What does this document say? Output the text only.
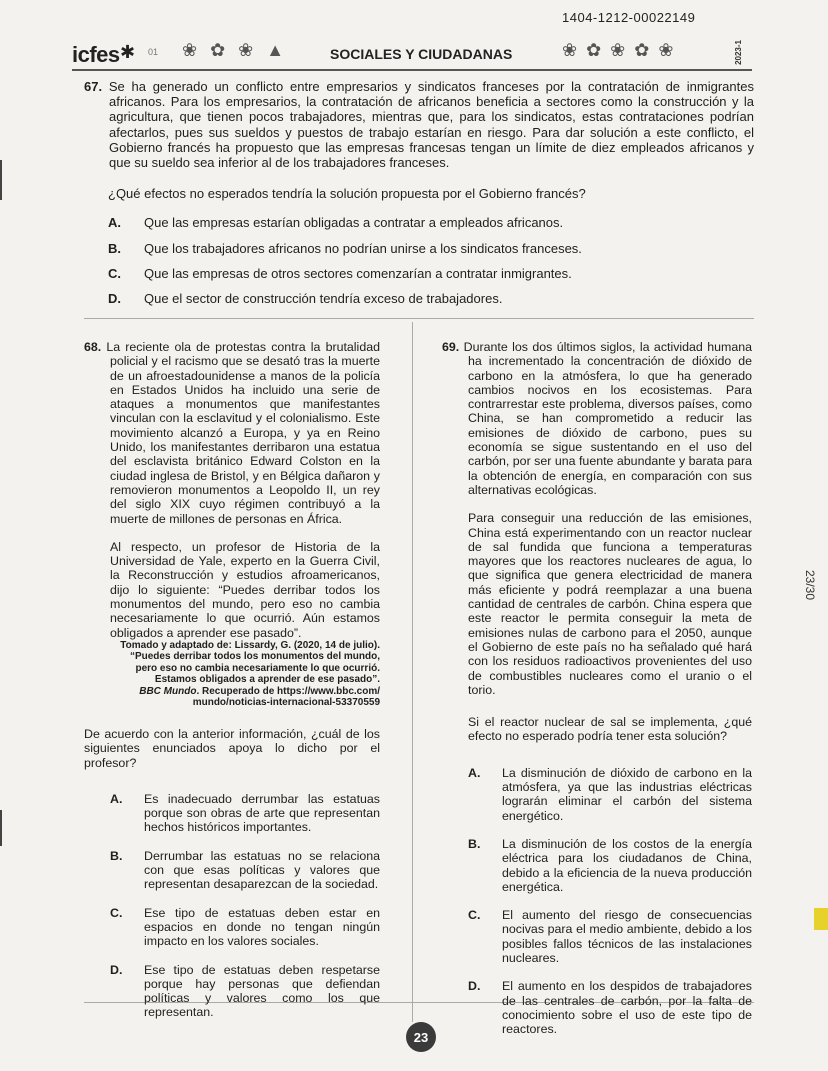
1404-1212-00022149
icfes ✱ 01 ❀ ✿ ❀ ▲	SOCIALES Y CIUDADANAS	❀ ✿ ❀ ✿ ❀	2023-1

67. Se ha generado un conflicto entre empresarios y sindicatos franceses por la contratación de inmigrantes africanos. Para los empresarios, la contratación de africanos beneficia a sectores como la construcción y la agricultura, que tienen pocos trabajadores, mientras que, para los sindicatos, estas contrataciones podrían afectarlos, pues sus sueldos y puestos de trabajo estarían en riesgo. Para dar solución a este conflicto, el Gobierno francés ha propuesto que las empresas francesas tengan un límite de diez empleados africanos y que su sueldo sea inferior al de los trabajadores franceses.

¿Qué efectos no esperados tendría la solución propuesta por el Gobierno francés?

A.	Que las empresas estarían obligadas a contratar a empleados africanos.
B.	Que los trabajadores africanos no podrían unirse a los sindicatos franceses.
C.	Que las empresas de otros sectores comenzarían a contratar inmigrantes.
D.	Que el sector de construcción tendría exceso de trabajadores.

68. La reciente ola de protestas contra la brutalidad policial y el racismo que se desató tras la muerte de un afroestadounidense a manos de la policía en Estados Unidos ha incluido una serie de ataques a monumentos que manifestantes vinculan con la esclavitud y el colonialismo. Este movimiento alcanzó a Europa, y ya en Reino Unido, los manifestantes derribaron una estatua del esclavista británico Edward Colston en la ciudad inglesa de Bristol, y en Bélgica dañaron y removieron monumentos a Leopoldo II, un rey del siglo XIX cuyo régimen contribuyó a la muerte de millones de personas en África.

Al respecto, un profesor de Historia de la Universidad de Yale, experto en la Guerra Civil, la Reconstrucción y estudios afroamericanos, dijo lo siguiente: “Puedes derribar todos los monumentos del mundo, pero eso no cambia necesariamente lo que ocurrió. Aún estamos obligados a aprender ese pasado”.

Tomado y adaptado de: Lissardy, G. (2020, 14 de julio). “Puedes derribar todos los monumentos del mundo, pero eso no cambia necesariamente lo que ocurrió. Estamos obligados a aprender de ese pasado”.
BBC Mundo. Recuperado de https://www.bbc.com/ mundo/noticias-internacional-53370559

De acuerdo con la anterior información, ¿cuál de los siguientes enunciados apoya lo dicho por el profesor?

A.	Es inadecuado derrumbar las estatuas porque son obras de arte que representan hechos históricos importantes.
B.	Derrumbar las estatuas no se relaciona con que esas políticas y valores que representan desaparezcan de la sociedad.
C.	Ese tipo de estatuas deben estar en espacios en donde no tengan ningún impacto en los valores sociales.
D.	Ese tipo de estatuas deben respetarse porque hay personas que defiendan políticas y valores como los que representan.

69. Durante los dos últimos siglos, la actividad humana ha incrementado la concentración de dióxido de carbono en la atmósfera, lo que ha generado cambios nocivos en los ecosistemas. Para contrarrestar este problema, diversos países, como China, se han comprometido a reducir las emisiones de dióxido de carbono, pues su economía se sigue sustentando en el uso del carbón, por ser una fuente abundante y barata para la obtención de energía, en comparación con sus alternativas ecológicas.

Para conseguir una reducción de las emisiones, China está experimentando con un reactor nuclear de sal fundida que funciona a temperaturas mayores que los reactores nucleares de agua, lo que significa que genera electricidad de manera más eficiente y podrá reemplazar a una buena cantidad de centrales de carbón. China espera que este reactor le permita conseguir la meta de emisiones nulas de carbono para el 2050, aunque el Gobierno de este país no ha señalado qué hará con los residuos radioactivos provenientes del uso de combustibles nucleares como el uranio o el torio.

Si el reactor nuclear de sal se implementa, ¿qué efecto no esperado podría tener esta solución?

A.	La disminución de dióxido de carbono en la atmósfera, ya que las industrias eléctricas lograrán eliminar el carbón del sistema energético.
B.	La disminución de los costos de la energía eléctrica para los ciudadanos de China, debido a la eficiencia de la nueva producción energética.
C.	El aumento del riesgo de consecuencias nocivas para el medio ambiente, debido a los posibles fallos técnicos de las instalaciones nucleares.
D.	El aumento en los despidos de trabajadores de las centrales de carbón, por la falta de conocimiento sobre el uso de este tipo de reactores.
23/30
23
